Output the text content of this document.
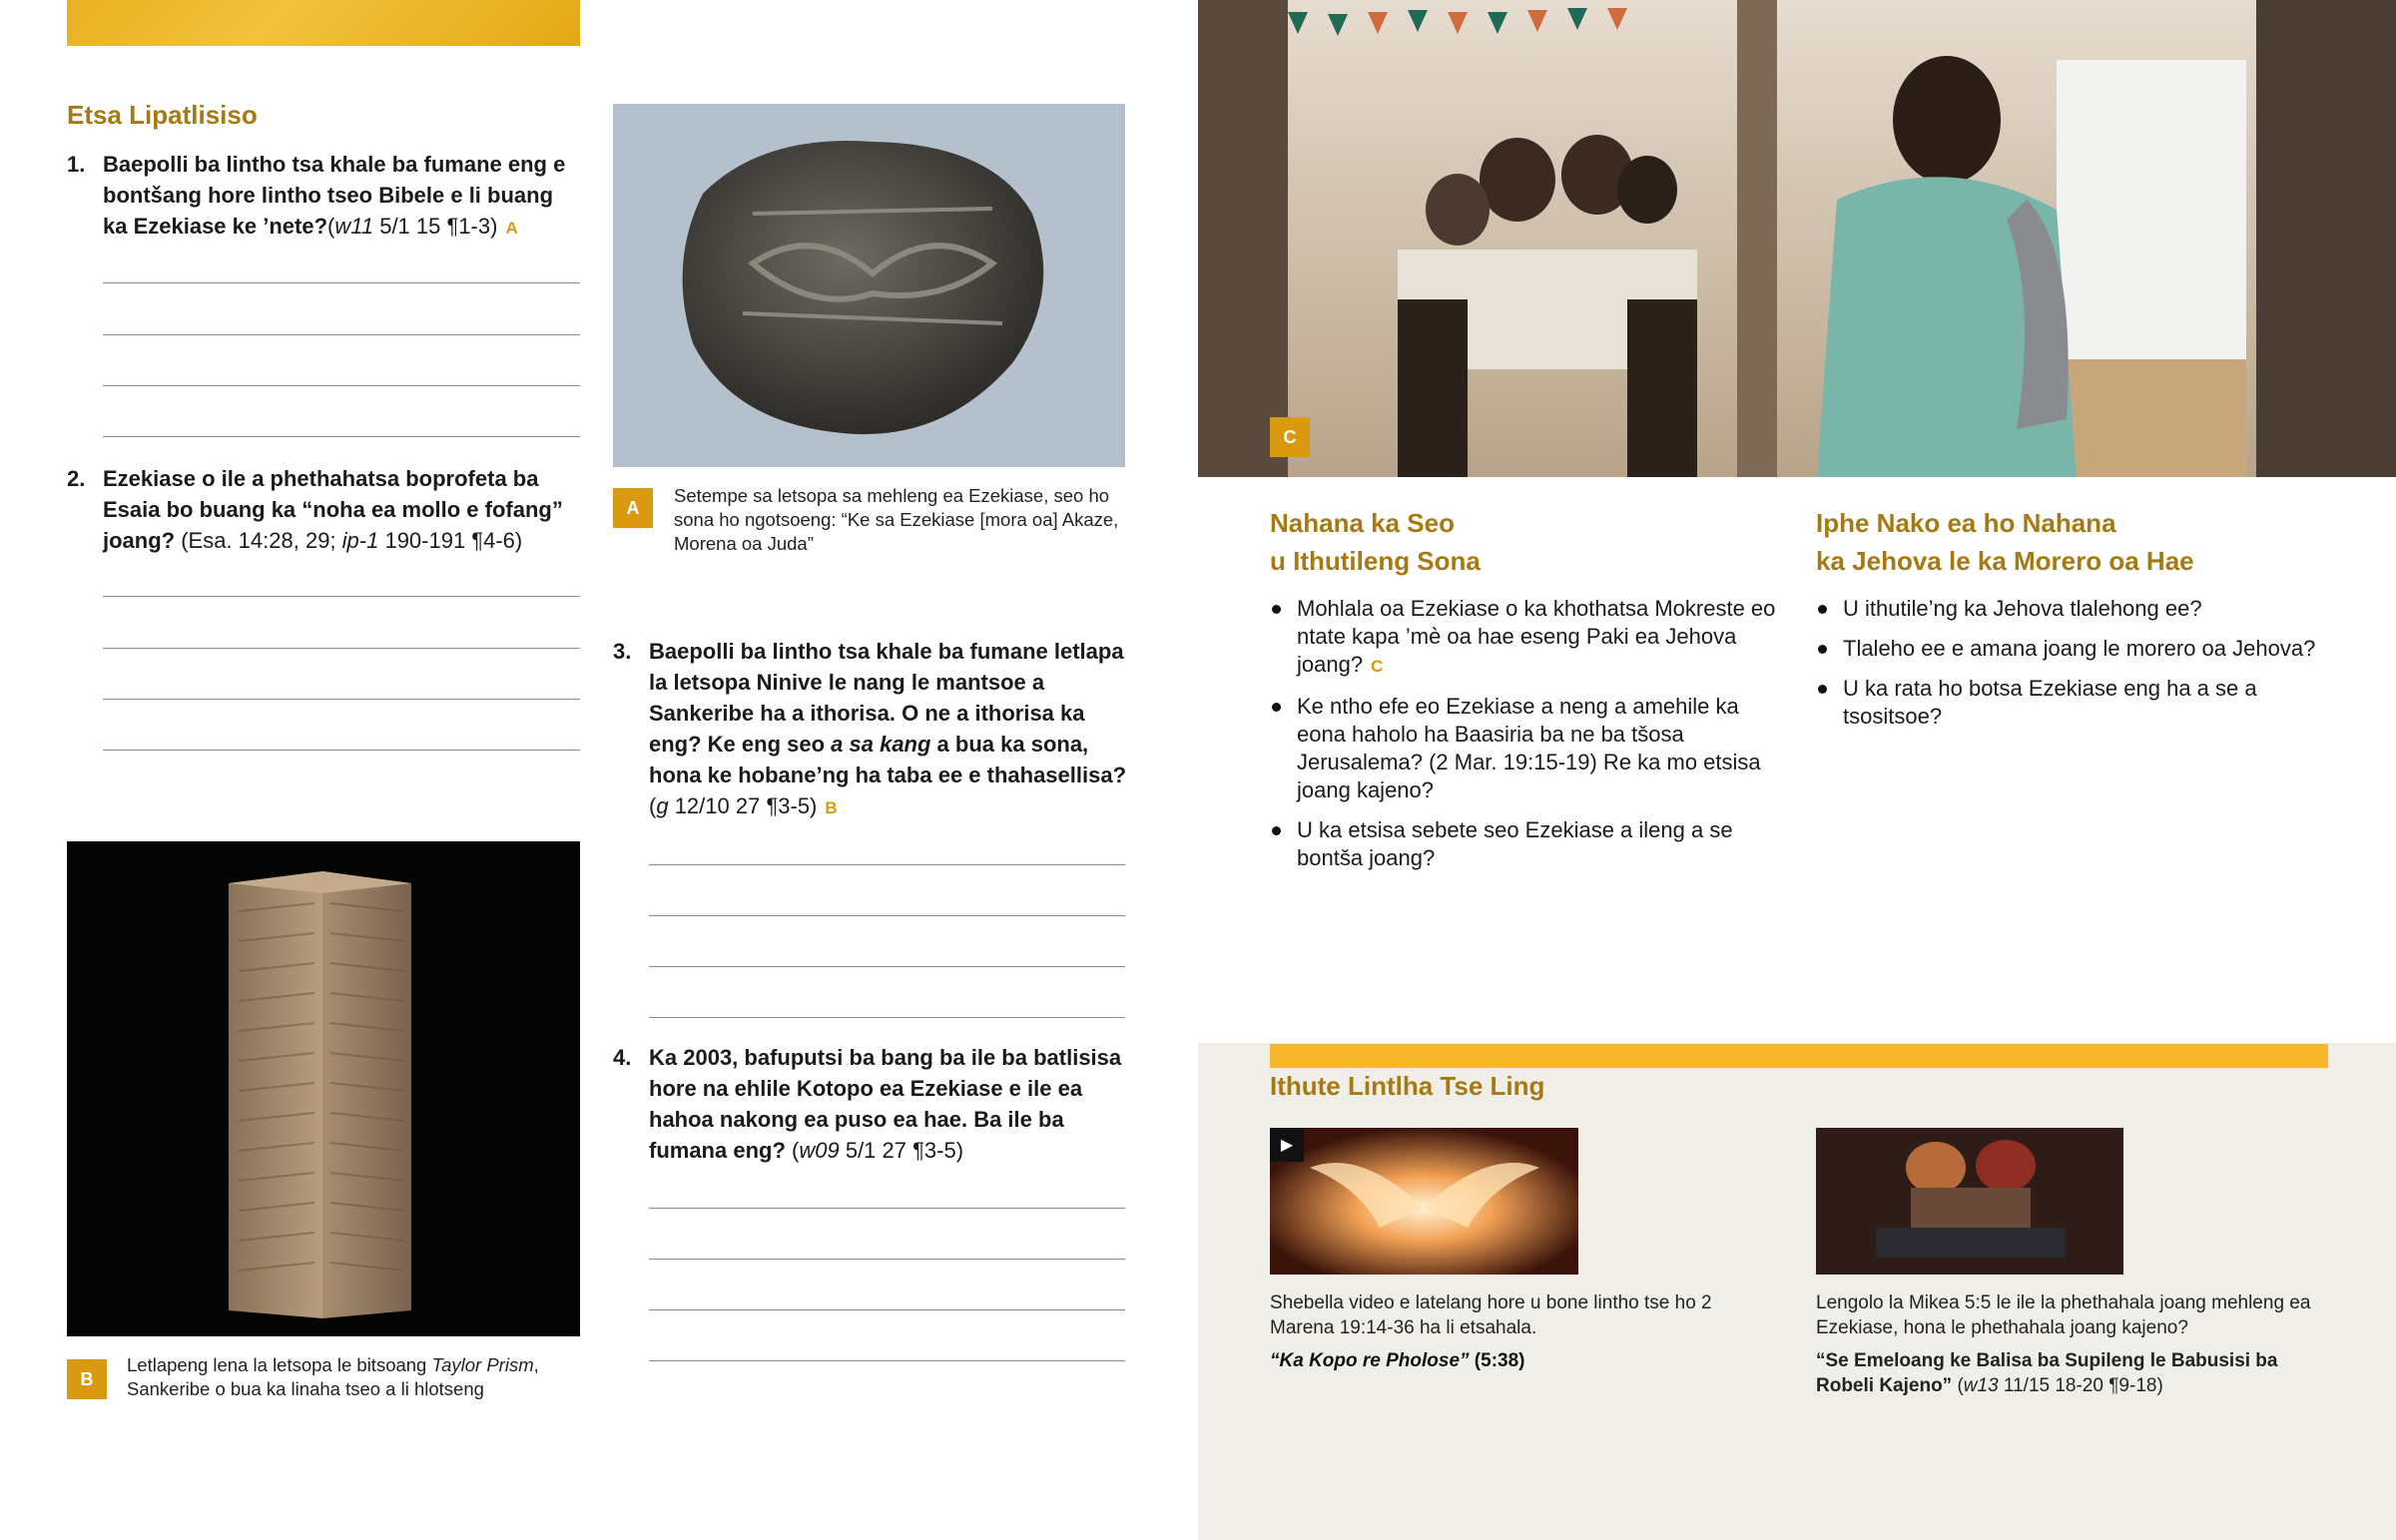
Etsa Lipatlisiso
1. Baepolli ba lintho tsa khale ba fumane eng e bontšang hore lintho tseo Bibele e li buang ka Ezekiase ke ’nete?(w11 5/1 15 ¶1-3) A
2. Ezekiase o ile a phethahatsa boprofeta ba Esaia bo buang ka “noha ea mollo e fofang” joang? (Esa. 14:28, 29; ip-1 190-191 ¶4-6)
B
Letlapeng lena la letsopa le bitsoang Taylor Prism, Sankeribe o bua ka linaha tseo a li hlotseng
A
Setempe sa letsopa sa mehleng ea Ezekiase, seo ho sona ho ngotsoeng: “Ke sa Ezekiase [mora oa] Akaze, Morena oa Juda”
3. Baepolli ba lintho tsa khale ba fumane letlapa la letsopa Ninive le nang le mantsoe a Sankeribe ha a ithorisa. O ne a ithorisa ka eng? Ke eng seo a sa kang a bua ka sona, hona ke hobane’ng ha taba ee e thahasellisa? (g 12/10 27 ¶3-5) B
4. Ka 2003, bafuputsi ba bang ba ile ba batlisisa hore na ehlile Kotopo ea Ezekiase e ile ea hahoa nakong ea puso ea hae. Ba ile ba fumana eng? (w09 5/1 27 ¶3-5)
C
Nahana ka Seo
u Ithutileng Sona
Mohlala oa Ezekiase o ka khothatsa Mokreste eo ntate kapa ’mè oa hae eseng Paki ea Jehova joang? C
Ke ntho efe eo Ezekiase a neng a amehile ka eona haholo ha Baasiria ba ne ba tšosa Jerusalema? (2 Mar. 19:15-19) Re ka mo etsisa joang kajeno?
U ka etsisa sebete seo Ezekiase a ileng a se bontša joang?
Iphe Nako ea ho Nahana
ka Jehova le ka Morero oa Hae
U ithutile’ng ka Jehova tlalehong ee?
Tlaleho ee e amana joang le morero oa Jehova?
U ka rata ho botsa Ezekiase eng ha a se a tsositsoe?
Ithute Lintlha Tse Ling
▶
Shebella video e latelang hore u bone lintho tse ho 2 Marena 19:14-36 ha li etsahala.
“Ka Kopo re Pholose” (5:38)
Lengolo la Mikea 5:5 le ile la phethahala joang mehleng ea Ezekiase, hona le phethahala joang kajeno?
“Se Emeloang ke Balisa ba Supileng le Babusisi ba Robeli Kajeno” (w13 11/15 18-20 ¶9-18)
